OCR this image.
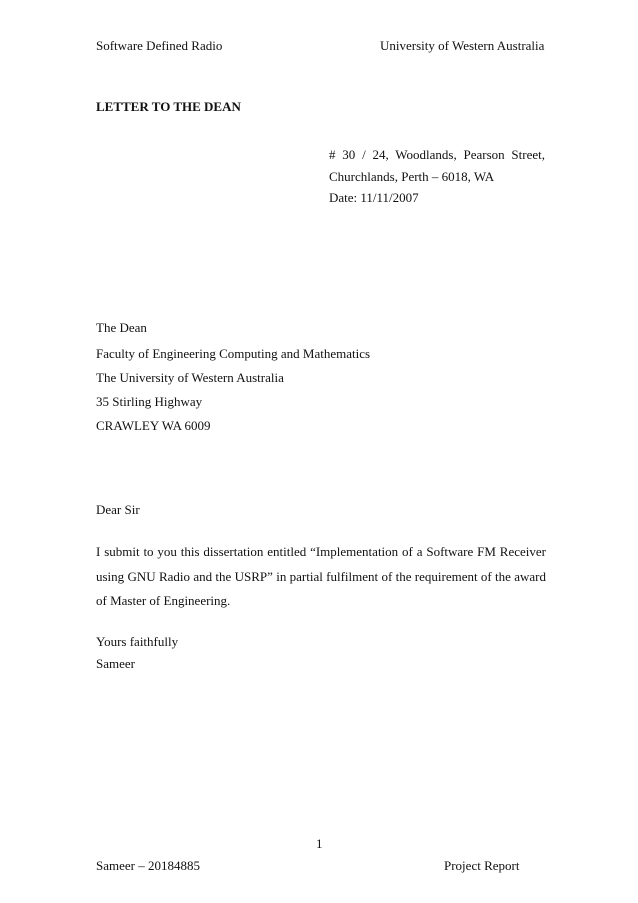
Software Defined Radio	University of Western Australia
LETTER TO THE DEAN
# 30 / 24, Woodlands, Pearson Street,
Churchlands, Perth – 6018, WA
Date: 11/11/2007
The Dean
Faculty of Engineering Computing and Mathematics
The University of Western Australia
35 Stirling Highway
CRAWLEY WA 6009
Dear Sir
I submit to you this dissertation entitled “Implementation of a Software FM Receiver using GNU Radio and the USRP” in partial fulfilment of the requirement of the award of Master of Engineering.
Yours faithfully
Sameer
1
Sameer – 20184885	Project Report
